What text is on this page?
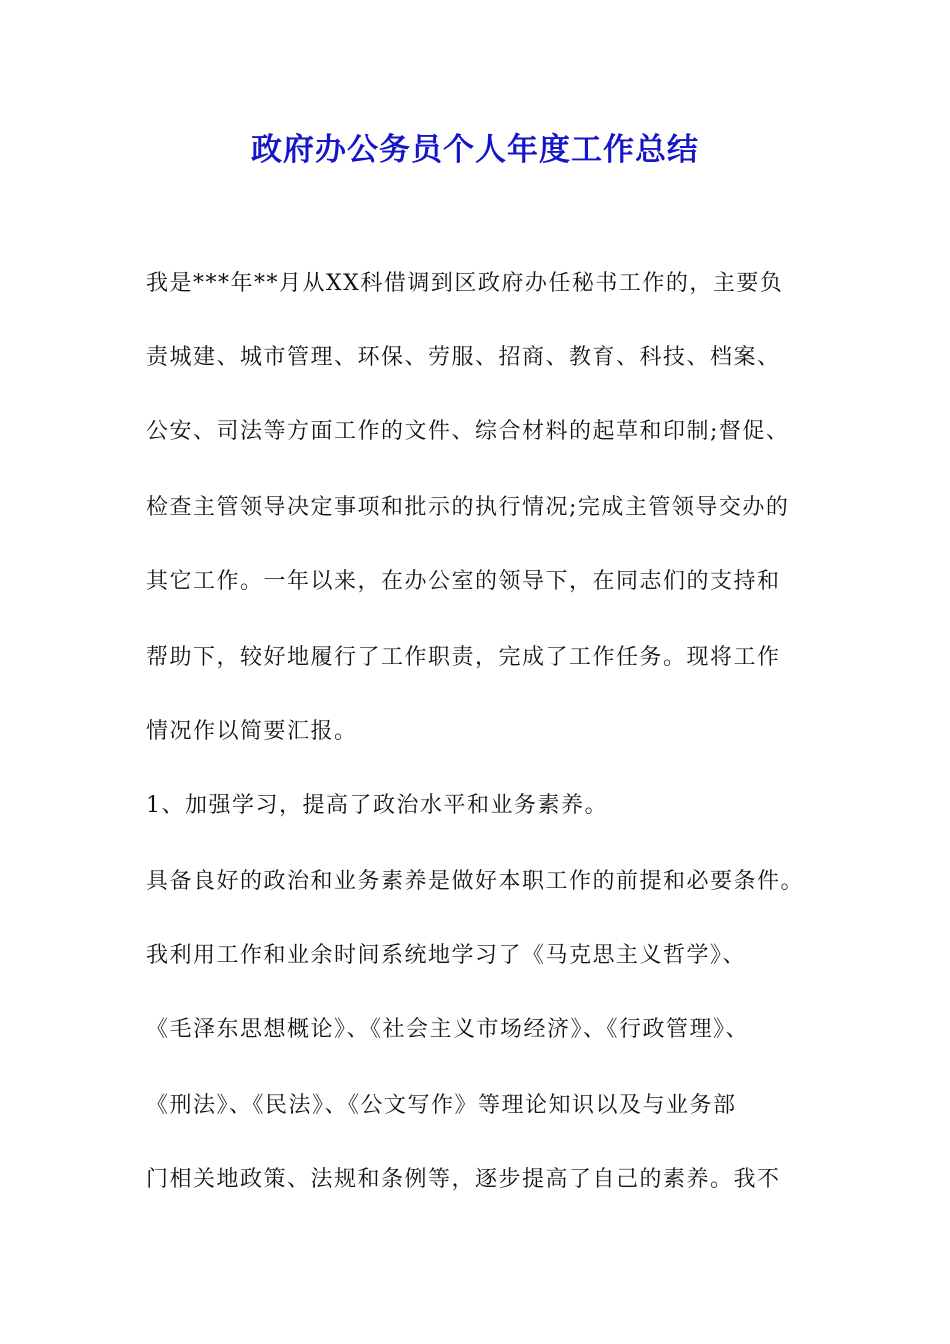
政府办公务员个人年度工作总结
我是***年**月从XX科借调到区政府办任秘书工作的，主要负
责城建、城市管理、环保、劳服、招商、教育、科技、档案、
公安、司法等方面工作的文件、综合材料的起草和印制;督促、
检查主管领导决定事项和批示的执行情况;完成主管领导交办的
其它工作。一年以来，在办公室的领导下，在同志们的支持和
帮助下，较好地履行了工作职责，完成了工作任务。现将工作
情况作以简要汇报。
1、加强学习，提高了政治水平和业务素养。
具备良好的政治和业务素养是做好本职工作的前提和必要条件。
我利用工作和业余时间系统地学习了《马克思主义哲学》、
《毛泽东思想概论》、《社会主义市场经济》、《行政管理》、
《刑法》、《民法》、《公文写作》等理论知识以及与业务部
门相关地政策、法规和条例等，逐步提高了自己的素养。我不
